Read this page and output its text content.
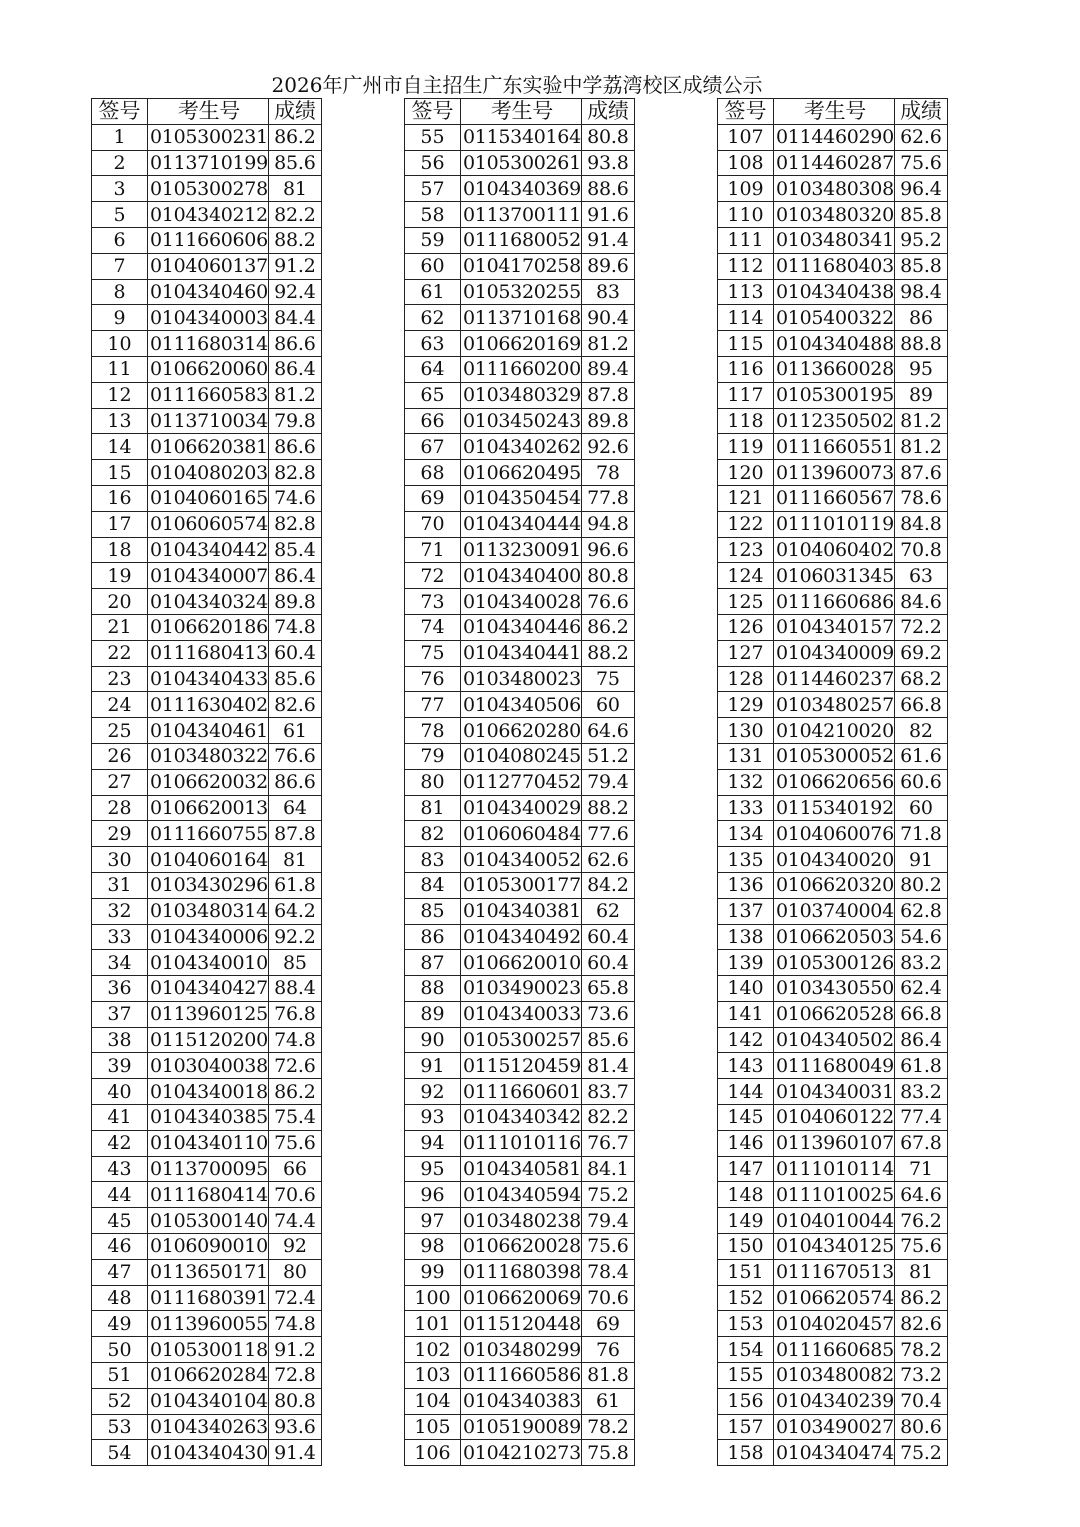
2026年广州市自主招生广东实验中学荔湾校区成绩公示
签号	考生号	成绩
1	0105300231	86.2
2	0113710199	85.6
3	0105300278	81
5	0104340212	82.2
6	0111660606	88.2
7	0104060137	91.2
8	0104340460	92.4
9	0104340003	84.4
10	0111680314	86.6
11	0106620060	86.4
12	0111660583	81.2
13	0113710034	79.8
14	0106620381	86.6
15	0104080203	82.8
16	0104060165	74.6
17	0106060574	82.8
18	0104340442	85.4
19	0104340007	86.4
20	0104340324	89.8
21	0106620186	74.8
22	0111680413	60.4
23	0104340433	85.6
24	0111630402	82.6
25	0104340461	61
26	0103480322	76.6
27	0106620032	86.6
28	0106620013	64
29	0111660755	87.8
30	0104060164	81
31	0103430296	61.8
32	0103480314	64.2
33	0104340006	92.2
34	0104340010	85
36	0104340427	88.4
37	0113960125	76.8
38	0115120200	74.8
39	0103040038	72.6
40	0104340018	86.2
41	0104340385	75.4
42	0104340110	75.6
43	0113700095	66
44	0111680414	70.6
45	0105300140	74.4
46	0106090010	92
47	0113650171	80
48	0111680391	72.4
49	0113960055	74.8
50	0105300118	91.2
51	0106620284	72.8
52	0104340104	80.8
53	0104340263	93.6
54	0104340430	91.4
签号	考生号	成绩
55	0115340164	80.8
56	0105300261	93.8
57	0104340369	88.6
58	0113700111	91.6
59	0111680052	91.4
60	0104170258	89.6
61	0105320255	83
62	0113710168	90.4
63	0106620169	81.2
64	0111660200	89.4
65	0103480329	87.8
66	0103450243	89.8
67	0104340262	92.6
68	0106620495	78
69	0104350454	77.8
70	0104340444	94.8
71	0113230091	96.6
72	0104340400	80.8
73	0104340028	76.6
74	0104340446	86.2
75	0104340441	88.2
76	0103480023	75
77	0104340506	60
78	0106620280	64.6
79	0104080245	51.2
80	0112770452	79.4
81	0104340029	88.2
82	0106060484	77.6
83	0104340052	62.6
84	0105300177	84.2
85	0104340381	62
86	0104340492	60.4
87	0106620010	60.4
88	0103490023	65.8
89	0104340033	73.6
90	0105300257	85.6
91	0115120459	81.4
92	0111660601	83.7
93	0104340342	82.2
94	0111010116	76.7
95	0104340581	84.1
96	0104340594	75.2
97	0103480238	79.4
98	0106620028	75.6
99	0111680398	78.4
100	0106620069	70.6
101	0115120448	69
102	0103480299	76
103	0111660586	81.8
104	0104340383	61
105	0105190089	78.2
106	0104210273	75.8
签号	考生号	成绩
107	0114460290	62.6
108	0114460287	75.6
109	0103480308	96.4
110	0103480320	85.8
111	0103480341	95.2
112	0111680403	85.8
113	0104340438	98.4
114	0105400322	86
115	0104340488	88.8
116	0113660028	95
117	0105300195	89
118	0112350502	81.2
119	0111660551	81.2
120	0113960073	87.6
121	0111660567	78.6
122	0111010119	84.8
123	0104060402	70.8
124	0106031345	63
125	0111660686	84.6
126	0104340157	72.2
127	0104340009	69.2
128	0114460237	68.2
129	0103480257	66.8
130	0104210020	82
131	0105300052	61.6
132	0106620656	60.6
133	0115340192	60
134	0104060076	71.8
135	0104340020	91
136	0106620320	80.2
137	0103740004	62.8
138	0106620503	54.6
139	0105300126	83.2
140	0103430550	62.4
141	0106620528	66.8
142	0104340502	86.4
143	0111680049	61.8
144	0104340031	83.2
145	0104060122	77.4
146	0113960107	67.8
147	0111010114	71
148	0111010025	64.6
149	0104010044	76.2
150	0104340125	75.6
151	0111670513	81
152	0106620574	86.2
153	0104020457	82.6
154	0111660685	78.2
155	0103480082	73.2
156	0104340239	70.4
157	0103490027	80.6
158	0104340474	75.2
